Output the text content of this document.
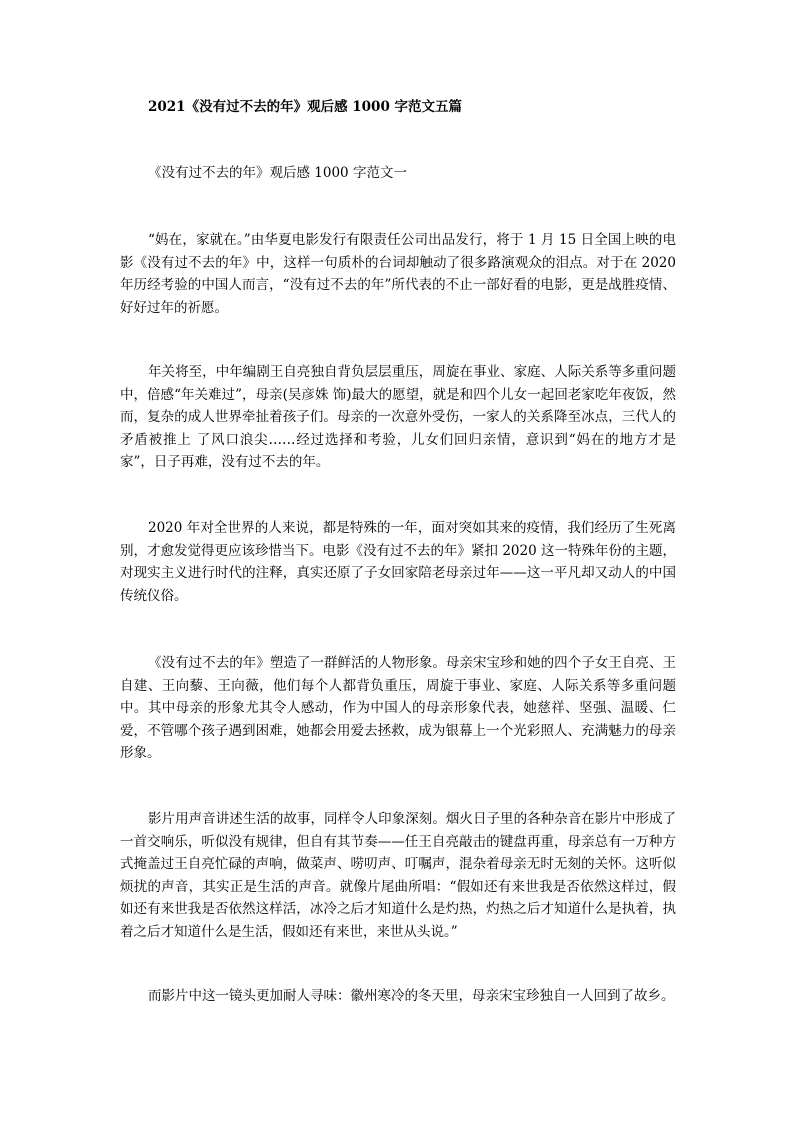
2021《没有过不去的年》观后感 1000 字范文五篇
《没有过不去的年》观后感 1000 字范文一

“妈在，家就在。”由华夏电影发行有限责任公司出品发行，将于 1 月 15 日全国上映的电影《没有过不去的年》中，这样一句质朴的台词却触动了很多路演观众的泪点。对于在 2020 年历经考验的中国人而言，“没有过不去的年”所代表的不止一部好看的电影，更是战胜疫情、好好过年的祈愿。

年关将至，中年编剧王自亮独自背负层层重压，周旋在事业、家庭、人际关系等多重问题中，倍感“年关难过”，母亲(吴彦姝 饰)最大的愿望，就是和四个儿女一起回老家吃年夜饭，然而，复杂的成人世界牵扯着孩子们。母亲的一次意外受伤，一家人的关系降至冰点，三代人的矛盾被推上 了风口浪尖……经过选择和考验，儿女们回归亲情，意识到“妈在的地方才是家”，日子再难，没有过不去的年。

2020 年对全世界的人来说，都是特殊的一年，面对突如其来的疫情，我们经历了生死离别，才愈发觉得更应该珍惜当下。电影《没有过不去的年》紧扣 2020 这一特殊年份的主题，对现实主义进行时代的注释，真实还原了子女回家陪老母亲过年——这一平凡却又动人的中国传统仪俗。

《没有过不去的年》塑造了一群鲜活的人物形象。母亲宋宝珍和她的四个子女王自亮、王自建、王向藜、王向薇，他们每个人都背负重压，周旋于事业、家庭、人际关系等多重问题中。其中母亲的形象尤其令人感动，作为中国人的母亲形象代表，她慈祥、坚强、温暖、仁爱，不管哪个孩子遇到困难，她都会用爱去拯救，成为银幕上一个光彩照人、充满魅力的母亲形象。

影片用声音讲述生活的故事，同样令人印象深刻。烟火日子里的各种杂音在影片中形成了一首交响乐，听似没有规律，但自有其节奏——任王自亮敲击的键盘再重，母亲总有一万种方式掩盖过王自亮忙碌的声响，做菜声、唠叨声、叮嘱声，混杂着母亲无时无刻的关怀。这听似烦扰的声音，其实正是生活的声音。就像片尾曲所唱：“假如还有来世我是否依然这样过，假如还有来世我是否依然这样活，冰冷之后才知道什么是灼热，灼热之后才知道什么是执着，执着之后才知道什么是生活，假如还有来世，来世从头说。”

而影片中这一镜头更加耐人寻味：徽州寒冷的冬天里，母亲宋宝珍独自一人回到了故乡。
